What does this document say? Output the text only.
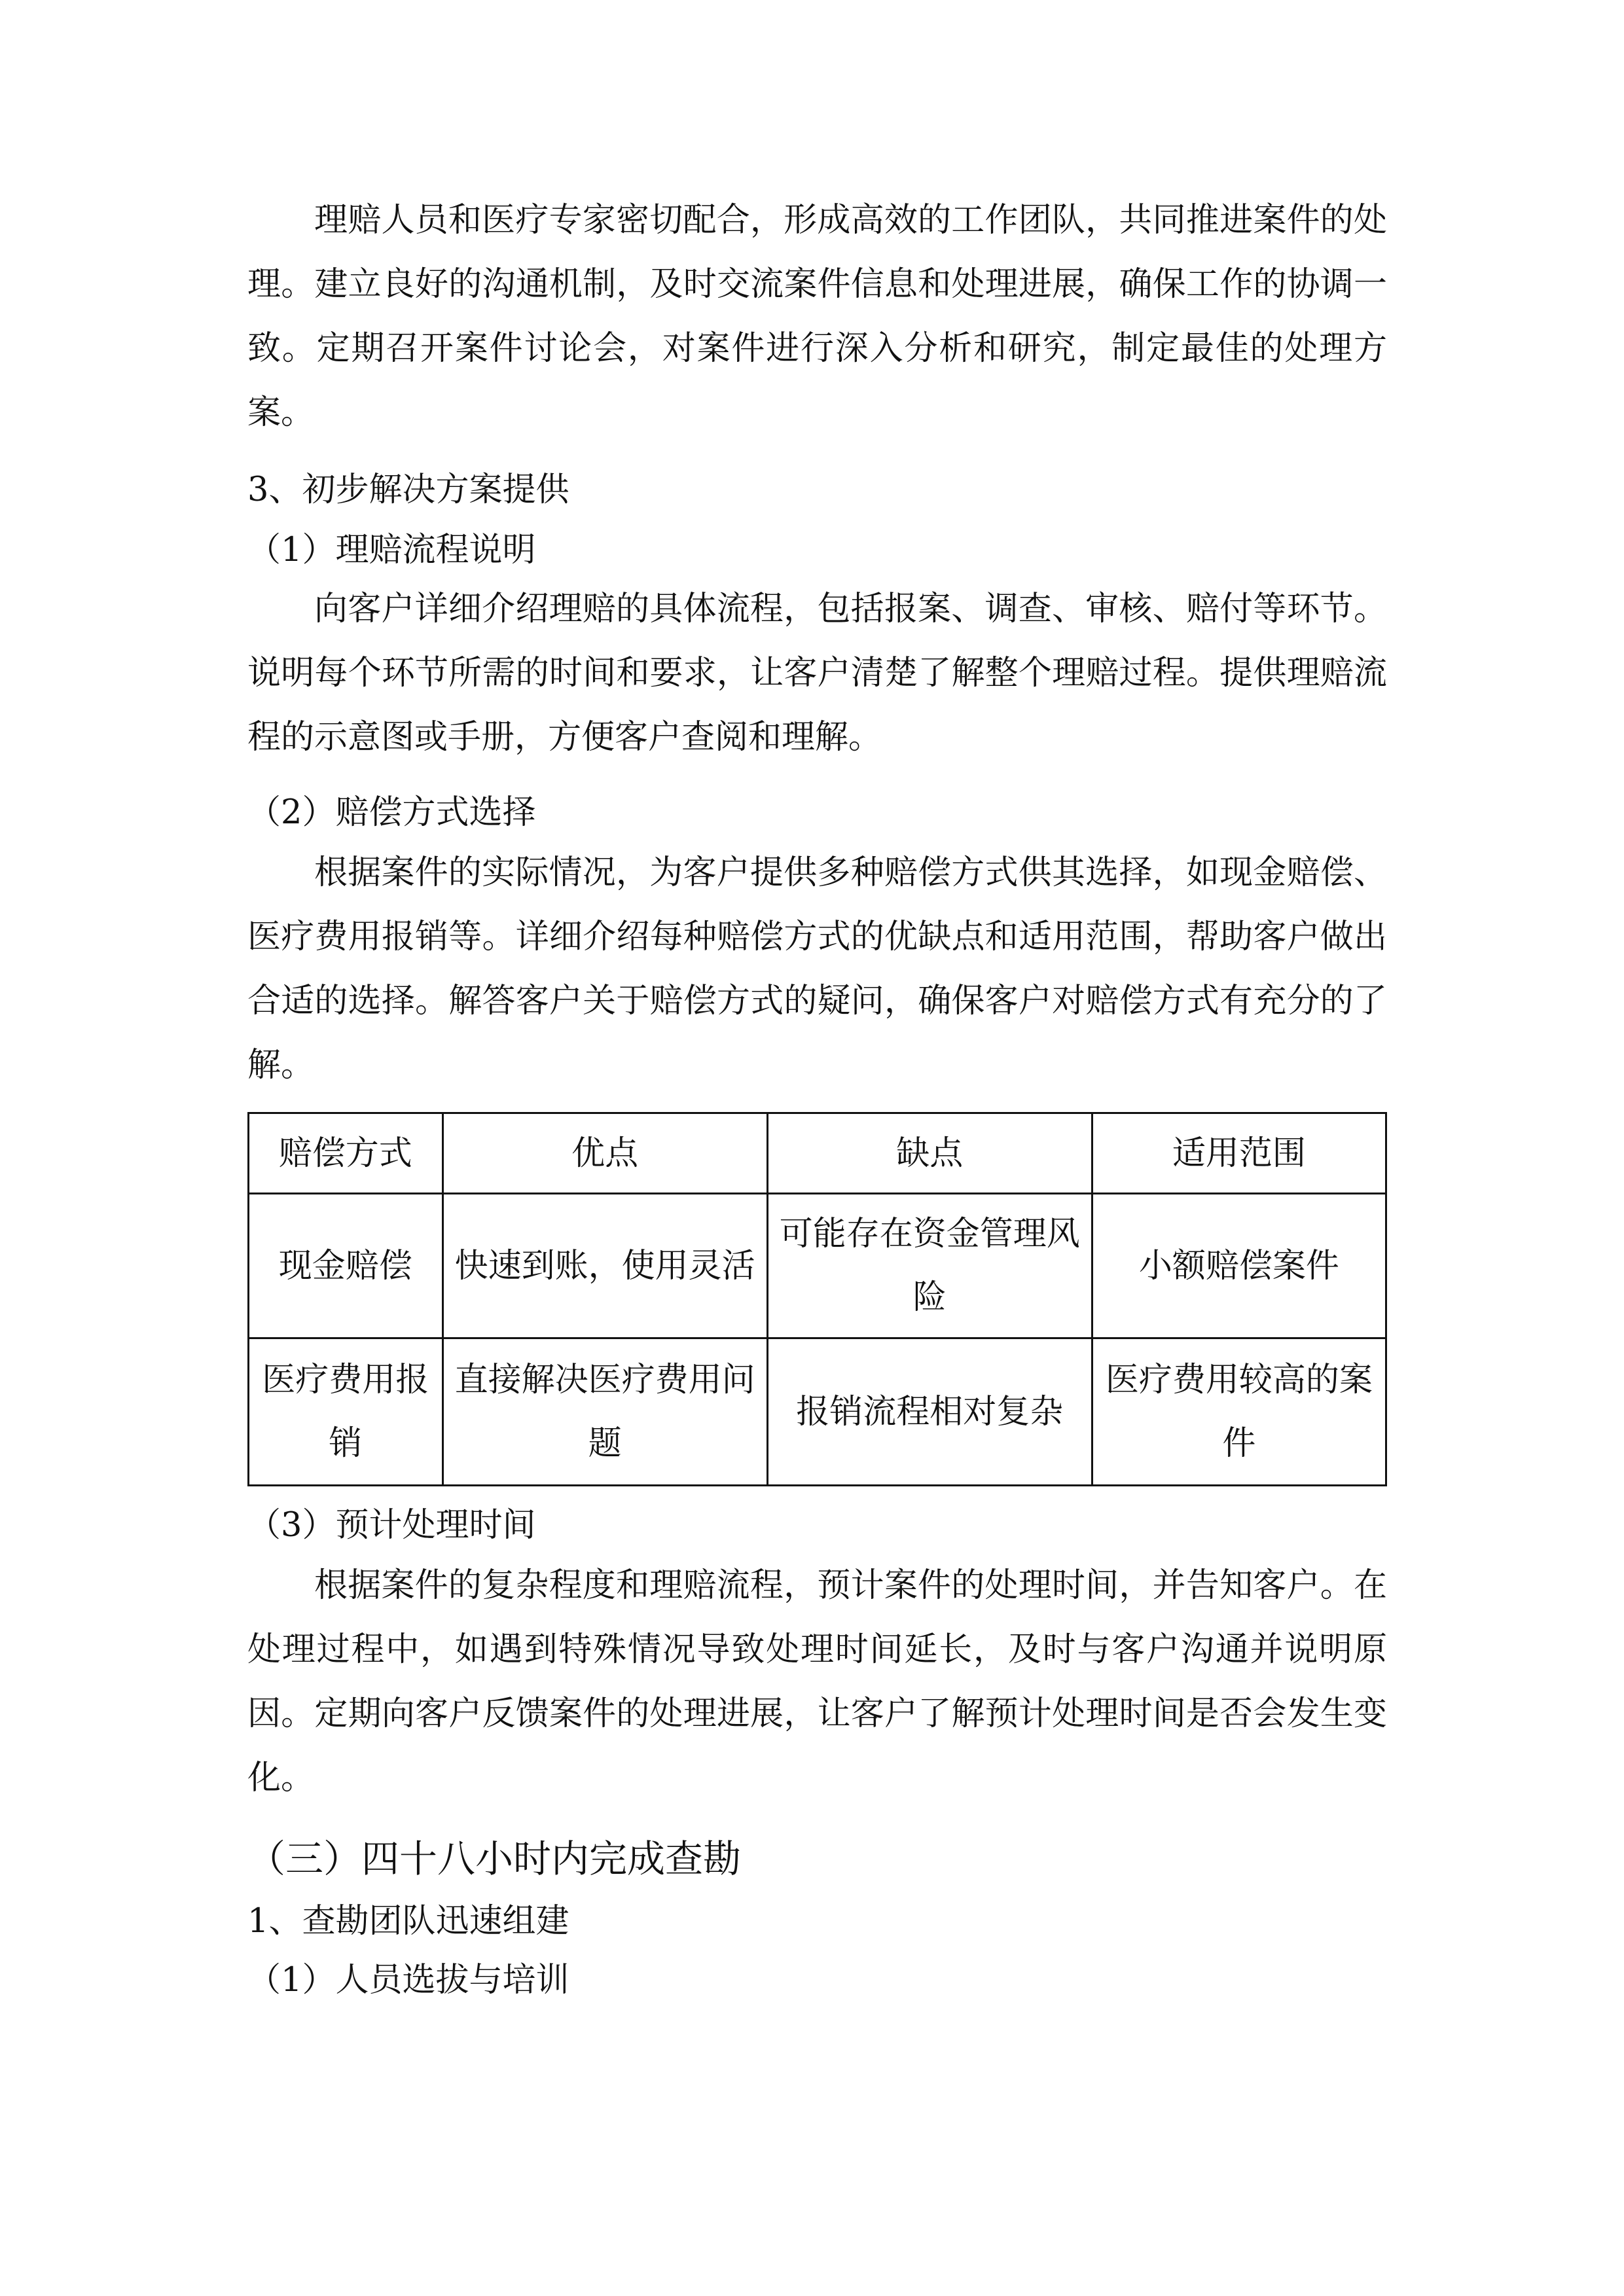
理赔人员和医疗专家密切配合，形成高效的工作团队，共同推进案件的处理。建立良好的沟通机制，及时交流案件信息和处理进展，确保工作的协调一致。定期召开案件讨论会，对案件进行深入分析和研究，制定最佳的处理方案。

3、初步解决方案提供

（1）理赔流程说明

向客户详细介绍理赔的具体流程，包括报案、调查、审核、赔付等环节。说明每个环节所需的时间和要求，让客户清楚了解整个理赔过程。提供理赔流程的示意图或手册，方便客户查阅和理解。

（2）赔偿方式选择

根据案件的实际情况，为客户提供多种赔偿方式供其选择，如现金赔偿、医疗费用报销等。详细介绍每种赔偿方式的优缺点和适用范围，帮助客户做出合适的选择。解答客户关于赔偿方式的疑问，确保客户对赔偿方式有充分的了解。

赔偿方式	优点	缺点	适用范围
现金赔偿	快速到账，使用灵活	可能存在资金管理风险	小额赔偿案件
医疗费用报销	直接解决医疗费用问题	报销流程相对复杂	医疗费用较高的案件

（3）预计处理时间

根据案件的复杂程度和理赔流程，预计案件的处理时间，并告知客户。在处理过程中，如遇到特殊情况导致处理时间延长，及时与客户沟通并说明原因。定期向客户反馈案件的处理进展，让客户了解预计处理时间是否会发生变化。

（三）四十八小时内完成查勘

1、查勘团队迅速组建

（1）人员选拔与培训
